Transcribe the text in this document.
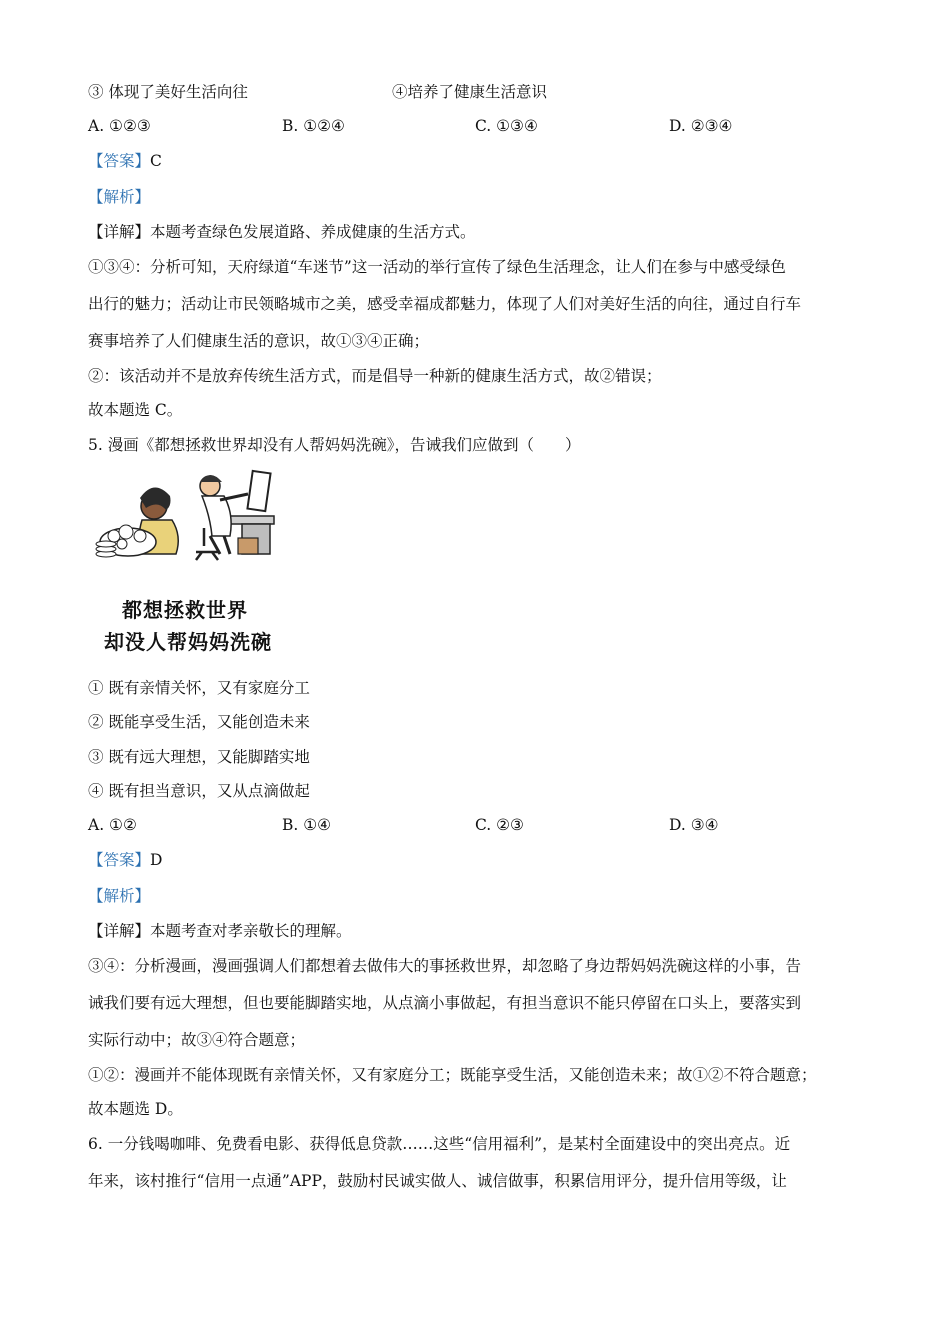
③ 体现了美好生活向往	④培养了健康生活意识
A. ①②③	B. ①②④	C. ①③④	D. ②③④
【答案】C
【解析】
【详解】本题考查绿色发展道路、养成健康的生活方式。
①③④：分析可知，天府绿道“车迷节”这一活动的举行宣传了绿色生活理念，让人们在参与中感受绿色
出行的魅力；活动让市民领略城市之美，感受幸福成都魅力，体现了人们对美好生活的向往，通过自行车
赛事培养了人们健康生活的意识，故①③④正确；
②：该活动并不是放弃传统生活方式，而是倡导一种新的健康生活方式，故②错误；
故本题选 C。
5. 漫画《都想拯救世界却没有人帮妈妈洗碗》，告诫我们应做到（　　）
都想拯救世界
却没人帮妈妈洗碗
① 既有亲情关怀，又有家庭分工
② 既能享受生活，又能创造未来
③ 既有远大理想，又能脚踏实地
④ 既有担当意识，又从点滴做起
A. ①②	B. ①④	C. ②③	D. ③④
【答案】D
【解析】
【详解】本题考查对孝亲敬长的理解。
③④：分析漫画，漫画强调人们都想着去做伟大的事拯救世界，却忽略了身边帮妈妈洗碗这样的小事，告
诫我们要有远大理想，但也要能脚踏实地，从点滴小事做起，有担当意识不能只停留在口头上，要落实到
实际行动中；故③④符合题意；
①②：漫画并不能体现既有亲情关怀，又有家庭分工；既能享受生活，又能创造未来；故①②不符合题意；
故本题选 D。
6. 一分钱喝咖啡、免费看电影、获得低息贷款……这些“信用福利”，是某村全面建设中的突出亮点。近
年来，该村推行“信用一点通”APP，鼓励村民诚实做人、诚信做事，积累信用评分，提升信用等级，让
